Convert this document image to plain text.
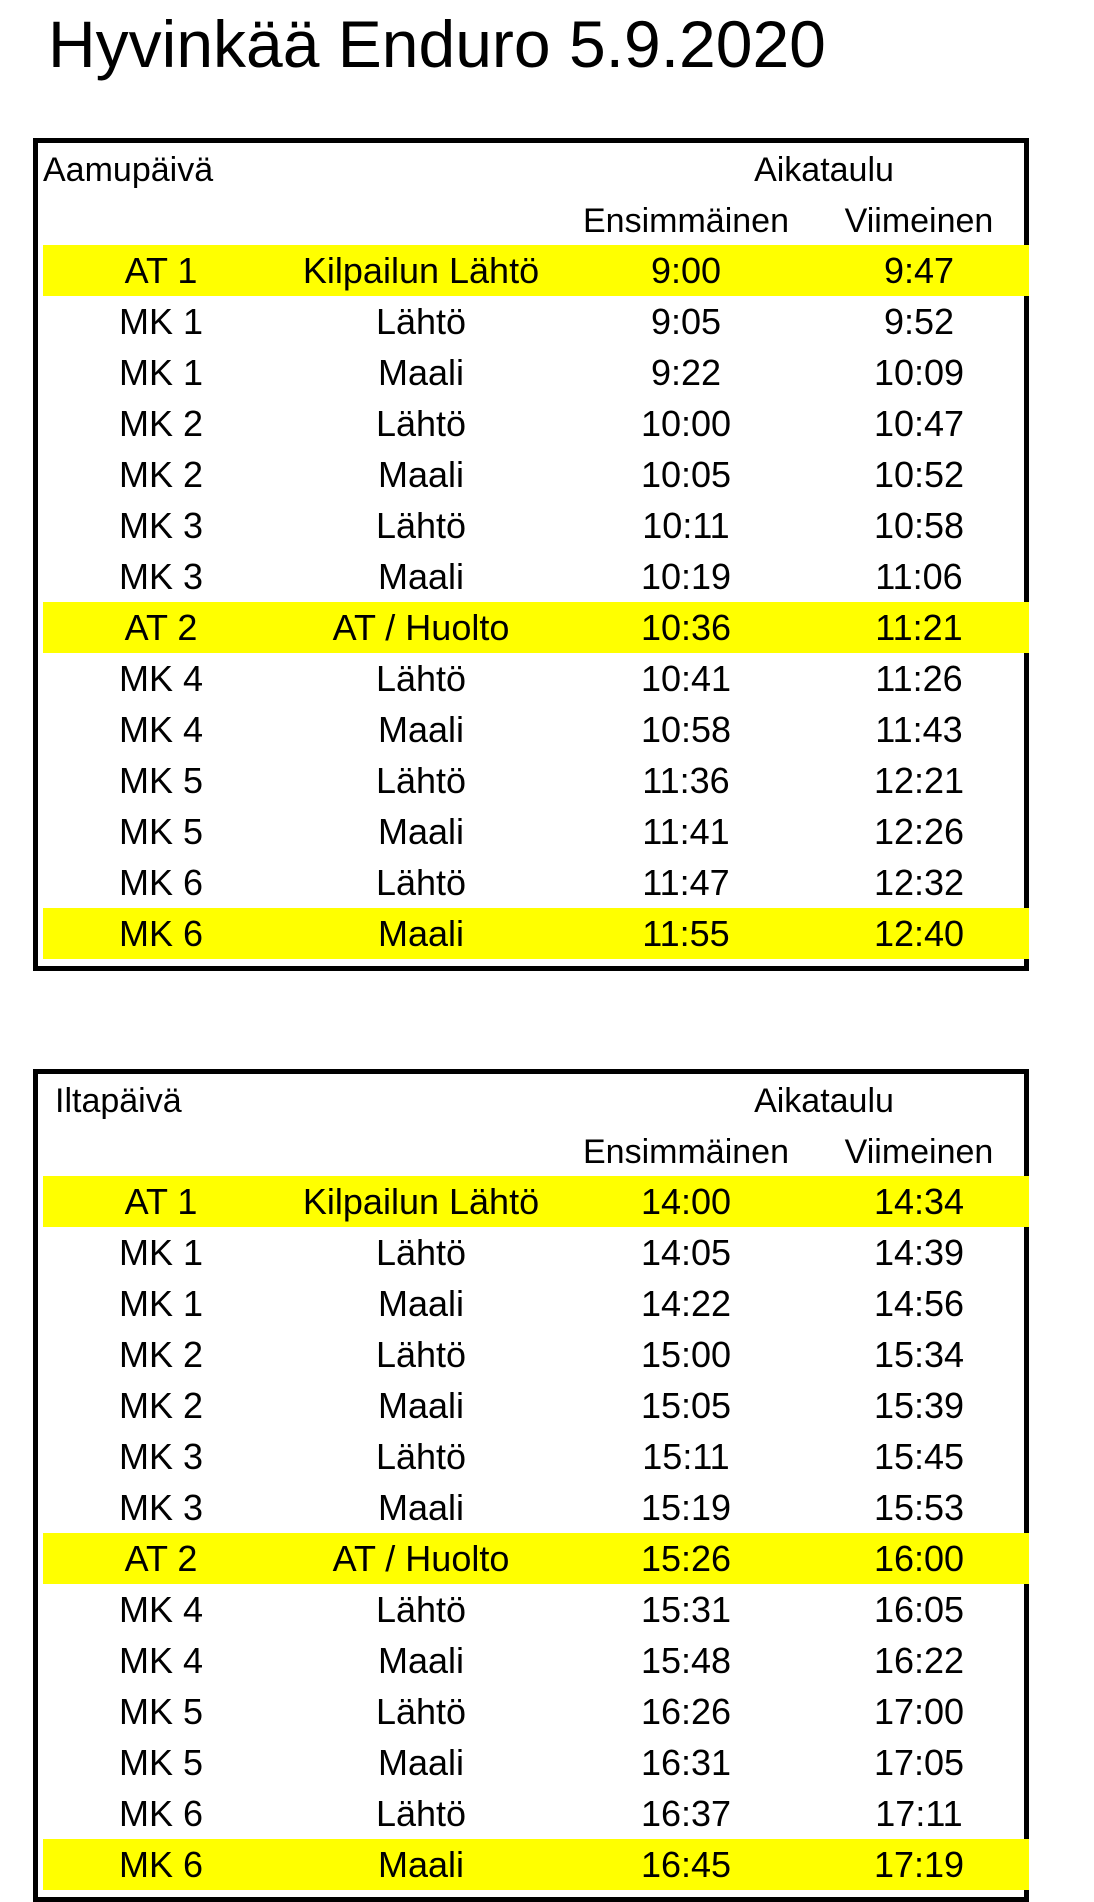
Hyvinkää Enduro 5.9.2020
Aamupäivä	Aikataulu
Ensimmäinen	Viimeinen
AT 1	Kilpailun Lähtö	9:00	9:47
MK 1	Lähtö	9:05	9:52
MK 1	Maali	9:22	10:09
MK 2	Lähtö	10:00	10:47
MK 2	Maali	10:05	10:52
MK 3	Lähtö	10:11	10:58
MK 3	Maali	10:19	11:06
AT 2	AT / Huolto	10:36	11:21
MK 4	Lähtö	10:41	11:26
MK 4	Maali	10:58	11:43
MK 5	Lähtö	11:36	12:21
MK 5	Maali	11:41	12:26
MK 6	Lähtö	11:47	12:32
MK 6	Maali	11:55	12:40
Iltapäivä	Aikataulu
Ensimmäinen	Viimeinen
AT 1	Kilpailun Lähtö	14:00	14:34
MK 1	Lähtö	14:05	14:39
MK 1	Maali	14:22	14:56
MK 2	Lähtö	15:00	15:34
MK 2	Maali	15:05	15:39
MK 3	Lähtö	15:11	15:45
MK 3	Maali	15:19	15:53
AT 2	AT / Huolto	15:26	16:00
MK 4	Lähtö	15:31	16:05
MK 4	Maali	15:48	16:22
MK 5	Lähtö	16:26	17:00
MK 5	Maali	16:31	17:05
MK 6	Lähtö	16:37	17:11
MK 6	Maali	16:45	17:19
